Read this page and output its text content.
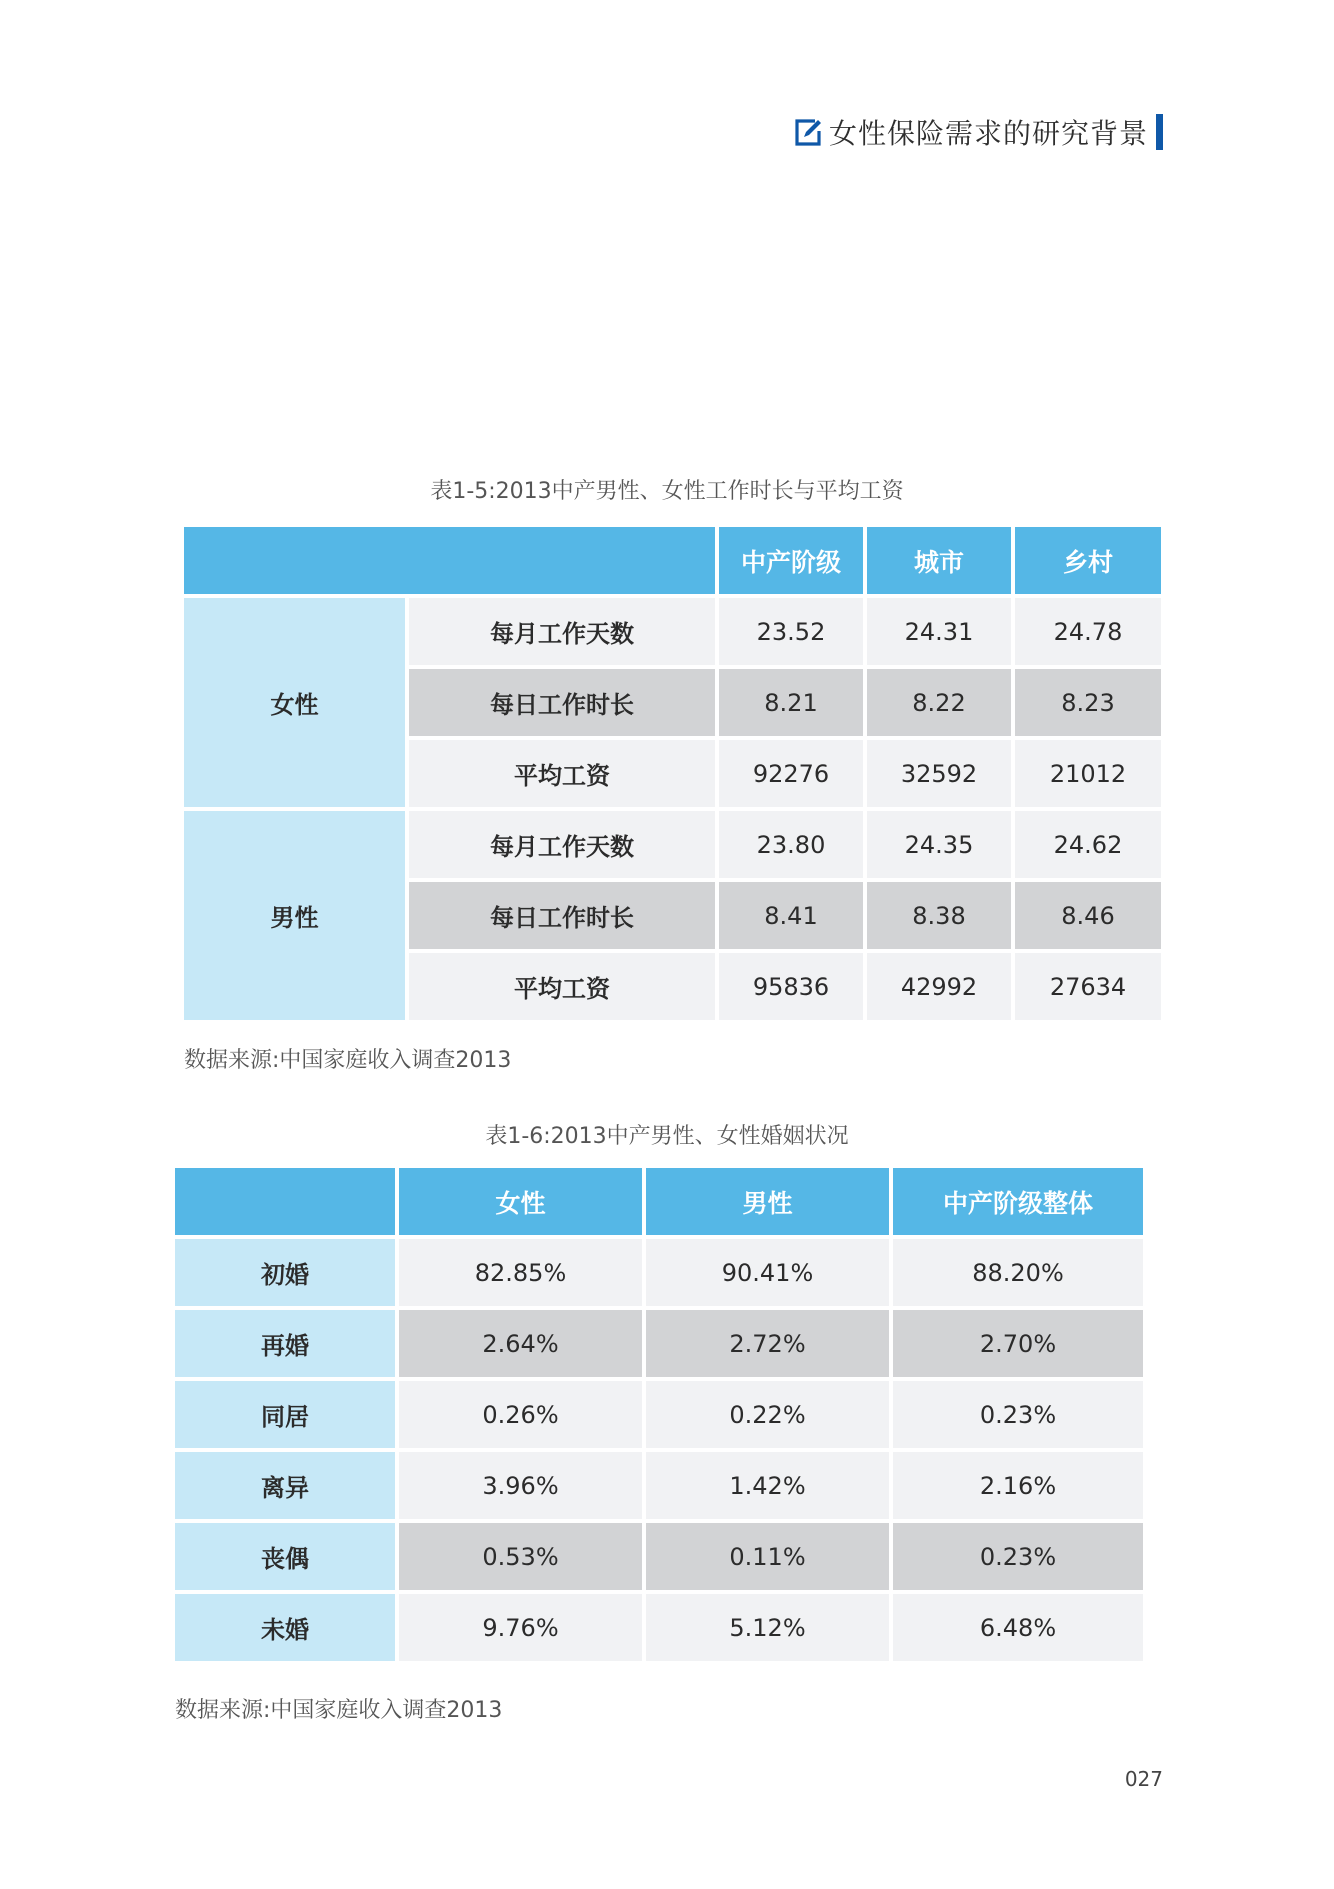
女性保险需求的研究背景
表1-5:2013中产男性、女性工作时长与平均工资
中产阶级	城市	乡村
女性
每月工作天数	23.52	24.31	24.78
每日工作时长	8.21	8.22	8.23
平均工资	92276	32592	21012
男性
每月工作天数	23.80	24.35	24.62
每日工作时长	8.41	8.38	8.46
平均工资	95836	42992	27634
数据来源:中国家庭收入调查2013
表1-6:2013中产男性、女性婚姻状况
女性	男性	中产阶级整体
初婚	82.85%	90.41%	88.20%
再婚	2.64%	2.72%	2.70%
同居	0.26%	0.22%	0.23%
离异	3.96%	1.42%	2.16%
丧偶	0.53%	0.11%	0.23%
未婚	9.76%	5.12%	6.48%
数据来源:中国家庭收入调查2013
027
